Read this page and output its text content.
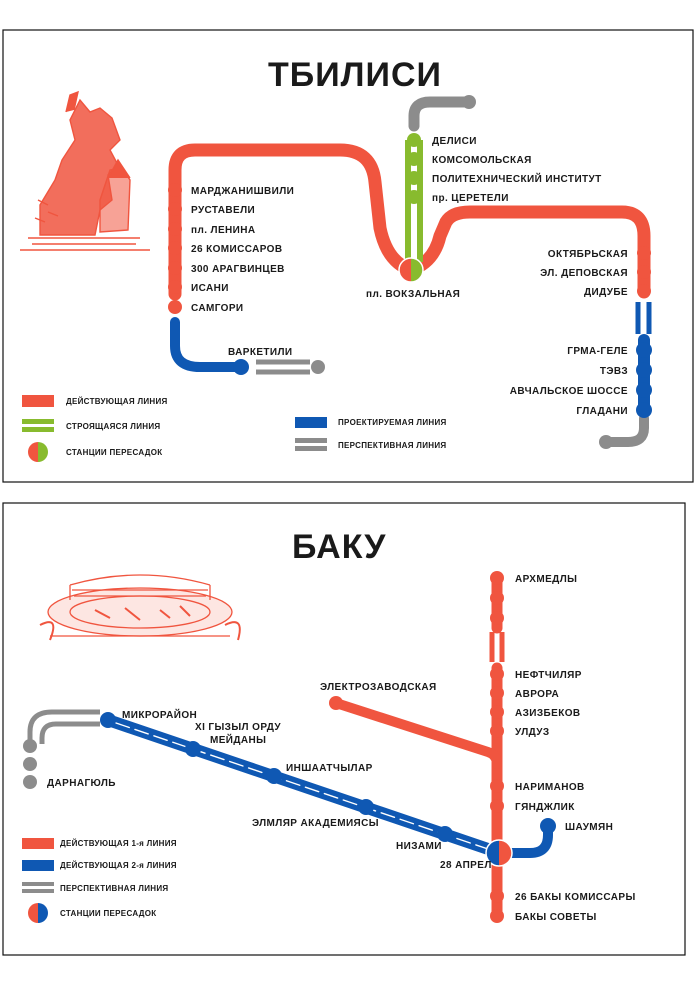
ТБИЛИСИ
МАРДЖАНИШВИЛИ
РУСТАВЕЛИ
пл. ЛЕНИНА
26 КОМИССАРОВ
300 АРАГВИНЦЕВ
ИСАНИ
САМГОРИ
ВАРКЕТИЛИ
пл. ВОКЗАЛЬНАЯ
ДЕЛИСИ
КОМСОМОЛЬСКАЯ
ПОЛИТЕХНИЧЕСКИЙ ИНСТИТУТ
пр. ЦЕРЕТЕЛИ
ОКТЯБРЬСКАЯ
ЭЛ. ДЕПОВСКАЯ
ДИДУБЕ
ГРМА-ГЕЛЕ
ТЭВЗ
АВЧАЛЬСКОЕ ШОССЕ
ГЛАДАНИ
ДЕЙСТВУЮЩАЯ ЛИНИЯ
СТРОЯЩАЯСЯ ЛИНИЯ
СТАНЦИИ ПЕРЕСАДОК
ПРОЕКТИРУЕМАЯ ЛИНИЯ
ПЕРСПЕКТИВНАЯ ЛИНИЯ
БАКУ
АРХМЕДЛЫ
НЕФТЧИЛЯР
АВРОРА
АЗИЗБЕКОВ
УЛДУЗ
НАРИМАНОВ
ГЯНДЖЛИК
ШАУМЯН
28 АПРЕЛ
26 БАКЫ КОМИССАРЫ
БАКЫ СОВЕТЫ
ЭЛЕКТРОЗАВОДСКАЯ
МИКРОРАЙОН
XI ГЫЗЫЛ ОРДУ
МЕЙДАНЫ
ИНШААТЧЫЛАР
ЭЛМЛЯР АКАДЕМИЯСЫ
НИЗАМИ
ДАРНАГЮЛЬ
ДЕЙСТВУЮЩАЯ 1-я ЛИНИЯ
ДЕЙСТВУЮЩАЯ 2-я ЛИНИЯ
ПЕРСПЕКТИВНАЯ ЛИНИЯ
СТАНЦИИ ПЕРЕСАДОК
